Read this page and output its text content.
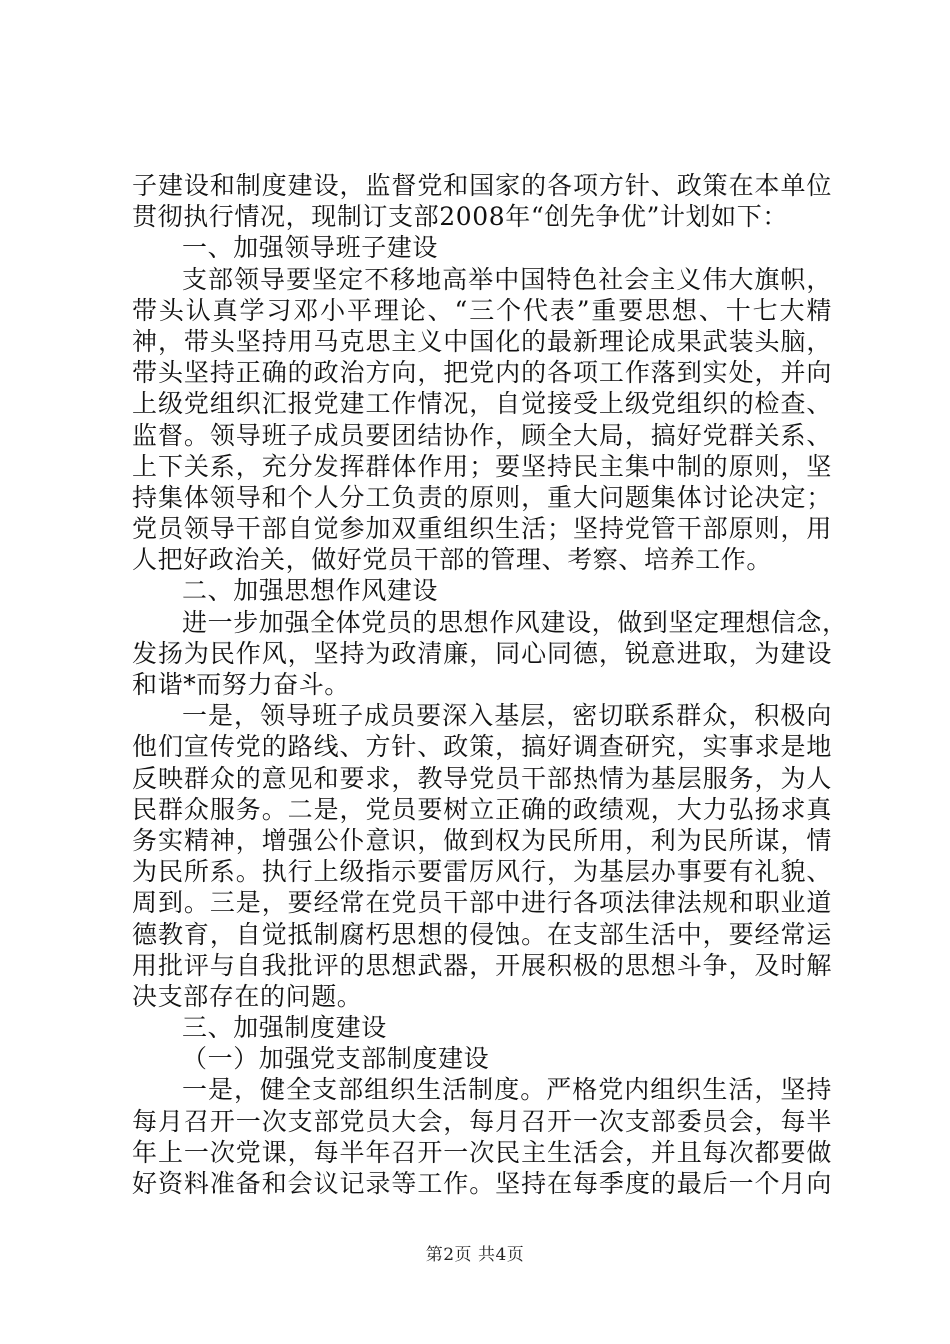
子建设和制度建设，监督党和国家的各项方针、政策在本单位
贯彻执行情况，现制订支部2008年“创先争优”计划如下：
一、加强领导班子建设
支部领导要坚定不移地高举中国特色社会主义伟大旗帜，
带头认真学习邓小平理论、“三个代表”重要思想、十七大精
神，带头坚持用马克思主义中国化的最新理论成果武装头脑，
带头坚持正确的政治方向，把党内的各项工作落到实处，并向
上级党组织汇报党建工作情况，自觉接受上级党组织的检查、
监督。领导班子成员要团结协作，顾全大局，搞好党群关系、
上下关系，充分发挥群体作用；要坚持民主集中制的原则，坚
持集体领导和个人分工负责的原则，重大问题集体讨论决定；
党员领导干部自觉参加双重组织生活；坚持党管干部原则，用
人把好政治关，做好党员干部的管理、考察、培养工作。
二、加强思想作风建设
进一步加强全体党员的思想作风建设，做到坚定理想信念，
发扬为民作风，坚持为政清廉，同心同德，锐意进取，为建设
和谐*而努力奋斗。
一是，领导班子成员要深入基层，密切联系群众，积极向
他们宣传党的路线、方针、政策，搞好调查研究，实事求是地
反映群众的意见和要求，教导党员干部热情为基层服务，为人
民群众服务。二是，党员要树立正确的政绩观，大力弘扬求真
务实精神，增强公仆意识，做到权为民所用，利为民所谋，情
为民所系。执行上级指示要雷厉风行，为基层办事要有礼貌、
周到。三是，要经常在党员干部中进行各项法律法规和职业道
德教育，自觉抵制腐朽思想的侵蚀。在支部生活中，要经常运
用批评与自我批评的思想武器，开展积极的思想斗争，及时解
决支部存在的问题。
三、加强制度建设
（一）加强党支部制度建设
一是，健全支部组织生活制度。严格党内组织生活，坚持
每月召开一次支部党员大会，每月召开一次支部委员会，每半
年上一次党课，每半年召开一次民主生活会，并且每次都要做
好资料准备和会议记录等工作。坚持在每季度的最后一个月向
第2页 共4页
